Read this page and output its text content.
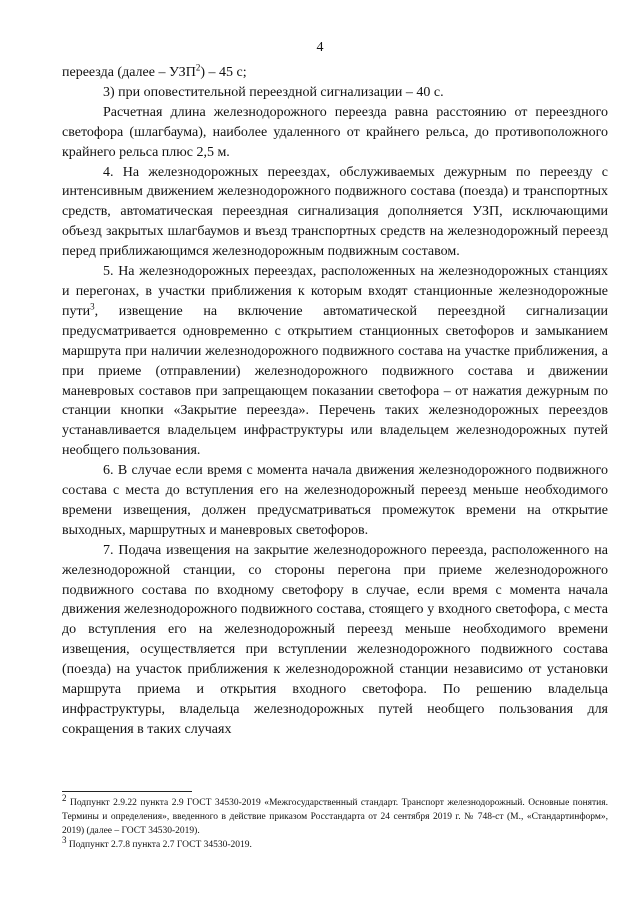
4

переезда (далее – УЗП$^2$) – 45 с;

3) при оповестительной переездной сигнализации – 40 с.

Расчетная длина железнодорожного переезда равна расстоянию от переездного светофора (шлагбаума), наиболее удаленного от крайнего рельса, до противоположного крайнего рельса плюс 2,5 м.

4. На железнодорожных переездах, обслуживаемых дежурным по переезду с интенсивным движением железнодорожного подвижного состава (поезда) и транспортных средств, автоматическая переездная сигнализация дополняется УЗП, исключающими объезд закрытых шлагбаумов и въезд транспортных средств на железнодорожный переезд перед приближающимся железнодорожным подвижным составом.

5. На железнодорожных переездах, расположенных на железнодорожных станциях и перегонах, в участки приближения к которым входят станционные железнодорожные пути$^3$, извещение на включение автоматической переездной сигнализации предусматривается одновременно с открытием станционных светофоров и замыканием маршрута при наличии железнодорожного подвижного состава на участке приближения, а при приеме (отправлении) железнодорожного подвижного состава и движении маневровых составов при запрещающем показании светофора – от нажатия дежурным по станции кнопки «Закрытие переезда». Перечень таких железнодорожных переездов устанавливается владельцем инфраструктуры или владельцем железнодорожных путей необщего пользования.

6. В случае если время с момента начала движения железнодорожного подвижного состава с места до вступления его на железнодорожный переезд меньше необходимого времени извещения, должен предусматриваться промежуток времени на открытие выходных, маршрутных и маневровых светофоров.

7. Подача извещения на закрытие железнодорожного переезда, расположенного на железнодорожной станции, со стороны перегона при приеме железнодорожного подвижного состава по входному светофору в случае, если время с момента начала движения железнодорожного подвижного состава, стоящего у входного светофора, с места до вступления его на железнодорожный переезд меньше необходимого времени извещения, осуществляется при вступлении железнодорожного подвижного состава (поезда) на участок приближения к железнодорожной станции независимо от установки маршрута приема и открытия входного светофора. По решению владельца инфраструктуры, владельца железнодорожных путей необщего пользования для сокращения в таких случаях

$^2$ Подпункт 2.9.22 пункта 2.9 ГОСТ 34530-2019 «Межгосударственный стандарт. Транспорт железнодорожный. Основные понятия. Термины и определения», введенного в действие приказом Росстандарта от 24 сентября 2019 г. № 748-ст (М., «Стандартинформ», 2019) (далее – ГОСТ 34530-2019).

$^3$ Подпункт 2.7.8 пункта 2.7 ГОСТ 34530-2019.
